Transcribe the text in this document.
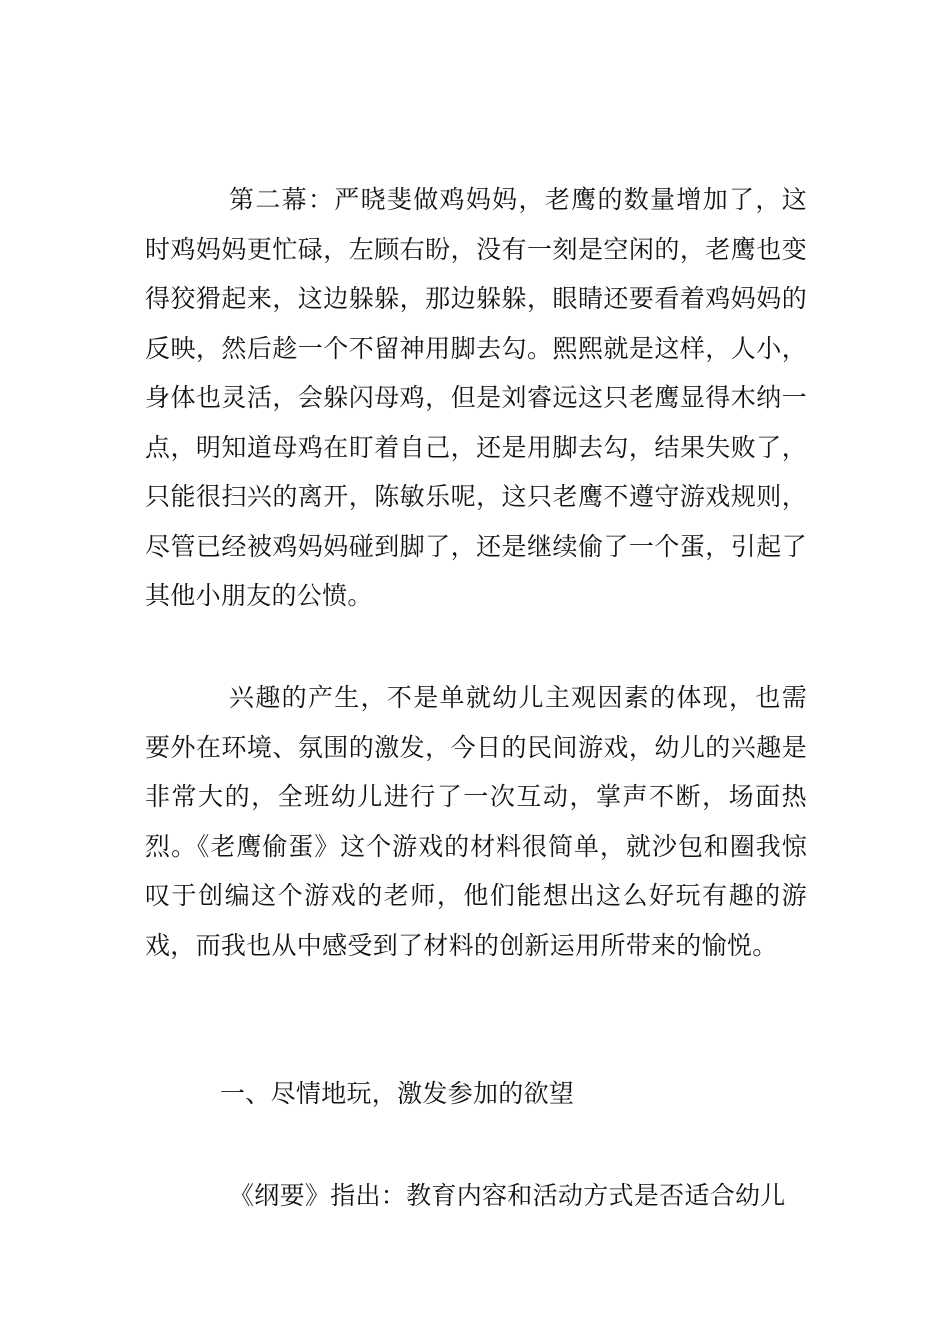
第二幕：严晓斐做鸡妈妈，老鹰的数量增加了，这时鸡妈妈更忙碌，左顾右盼，没有一刻是空闲的，老鹰也变得狡猾起来，这边躲躲，那边躲躲，眼睛还要看着鸡妈妈的反映，然后趁一个不留神用脚去勾。熙熙就是这样，人小，身体也灵活，会躲闪母鸡，但是刘睿远这只老鹰显得木纳一点，明知道母鸡在盯着自己，还是用脚去勾，结果失败了，只能很扫兴的离开，陈敏乐呢，这只老鹰不遵守游戏规则，尽管已经被鸡妈妈碰到脚了，还是继续偷了一个蛋，引起了其他小朋友的公愤。

兴趣的产生，不是单就幼儿主观因素的体现，也需要外在环境、氛围的激发，今日的民间游戏，幼儿的兴趣是非常大的，全班幼儿进行了一次互动，掌声不断，场面热烈。《老鹰偷蛋》这个游戏的材料很简单，就沙包和圈我惊叹于创编这个游戏的老师，他们能想出这么好玩有趣的游戏，而我也从中感受到了材料的创新运用所带来的愉悦。

一、尽情地玩，激发参加的欲望

《纲要》指出：教育内容和活动方式是否适合幼儿
